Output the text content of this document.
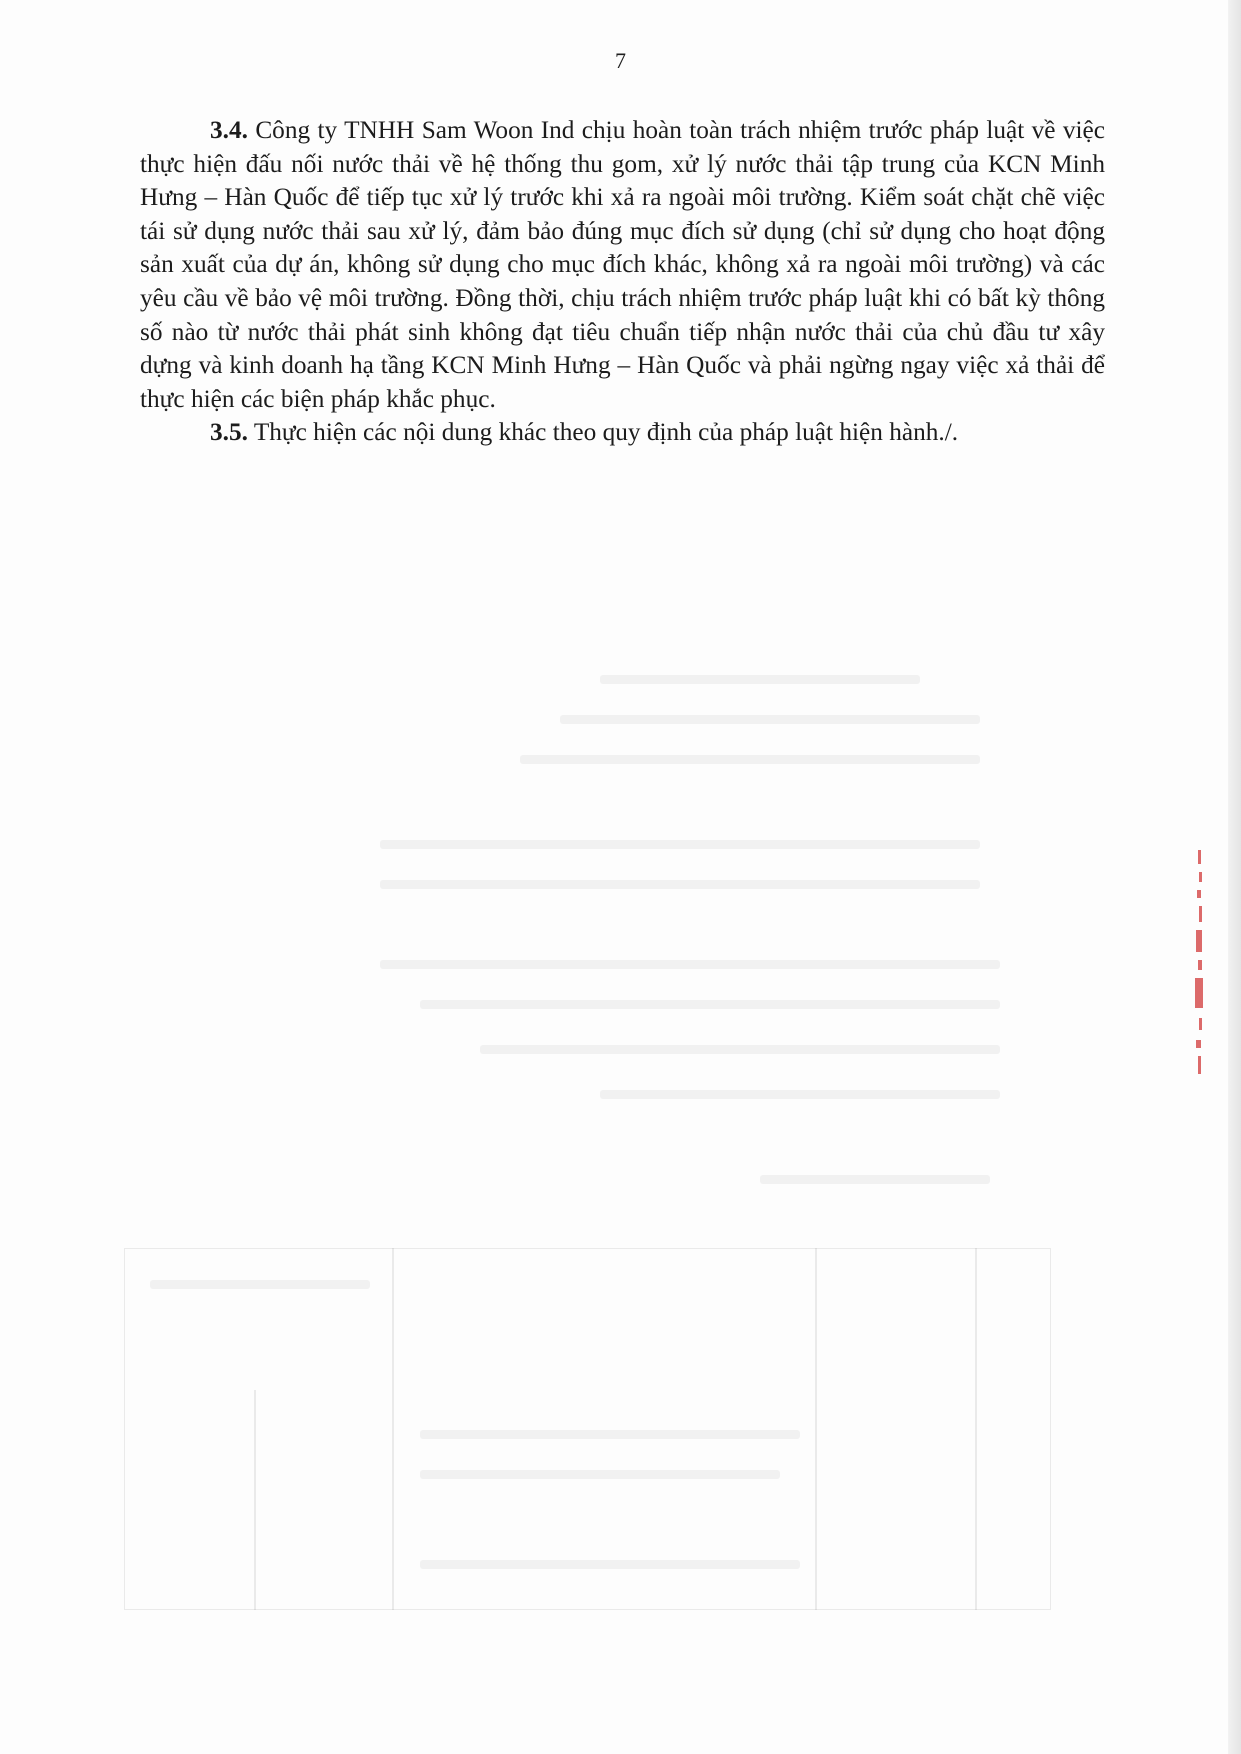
7

3.4. Công ty TNHH Sam Woon Ind chịu hoàn toàn trách nhiệm trước pháp luật về việc thực hiện đấu nối nước thải về hệ thống thu gom, xử lý nước thải tập trung của KCN Minh Hưng – Hàn Quốc để tiếp tục xử lý trước khi xả ra ngoài môi trường. Kiểm soát chặt chẽ việc tái sử dụng nước thải sau xử lý, đảm bảo đúng mục đích sử dụng (chỉ sử dụng cho hoạt động sản xuất của dự án, không sử dụng cho mục đích khác, không xả ra ngoài môi trường) và các yêu cầu về bảo vệ môi trường. Đồng thời, chịu trách nhiệm trước pháp luật khi có bất kỳ thông số nào từ nước thải phát sinh không đạt tiêu chuẩn tiếp nhận nước thải của chủ đầu tư xây dựng và kinh doanh hạ tầng KCN Minh Hưng – Hàn Quốc và phải ngừng ngay việc xả thải để thực hiện các biện pháp khắc phục.

3.5. Thực hiện các nội dung khác theo quy định của pháp luật hiện hành./.
